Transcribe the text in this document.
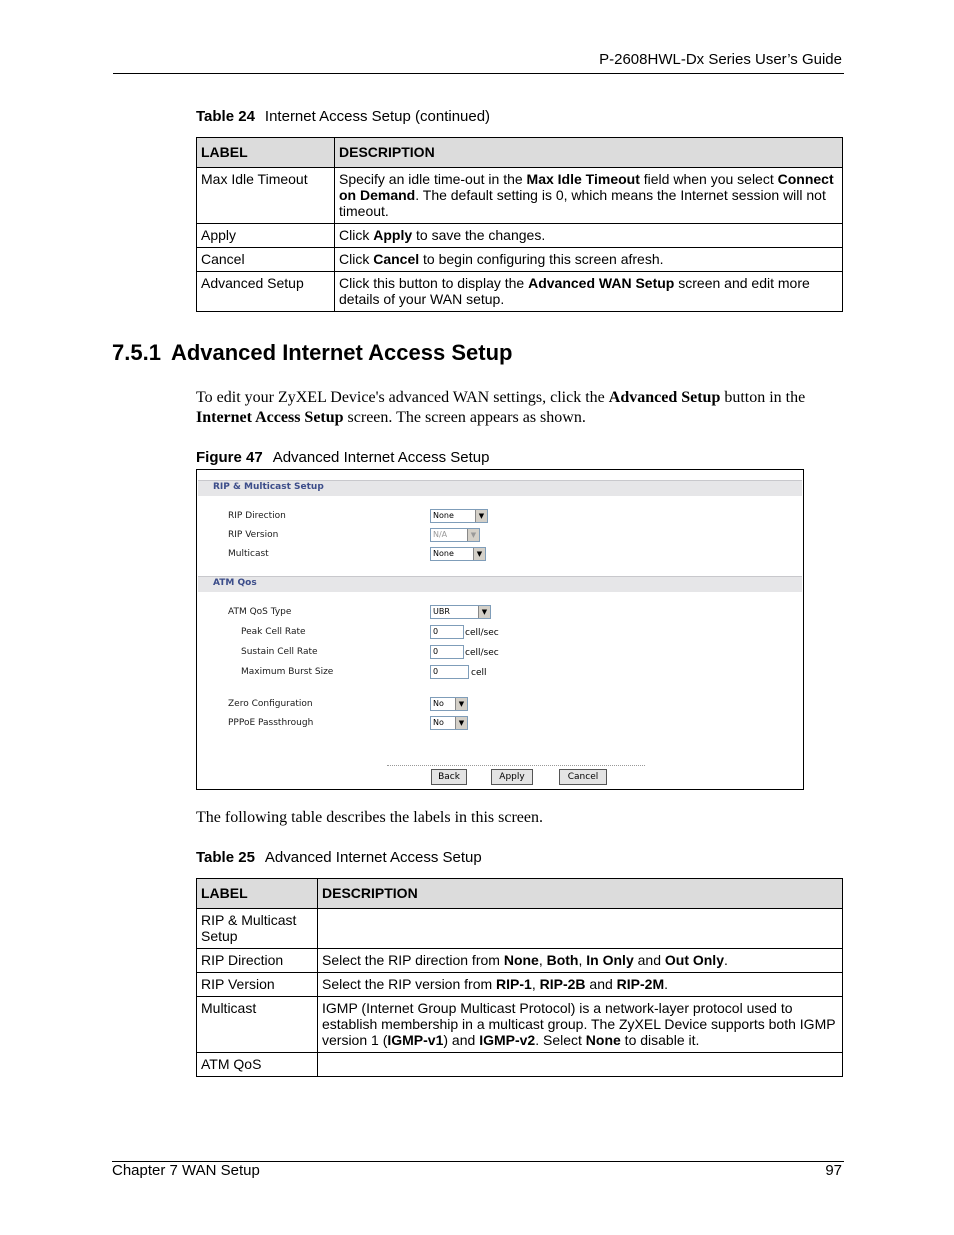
P-2608HWL-Dx Series User’s Guide
Table 24 Internet Access Setup (continued)
LABEL	DESCRIPTION
Max Idle Timeout	Specify an idle time-out in the Max Idle Timeout field when you select Connect on Demand. The default setting is 0, which means the Internet session will not timeout.
Apply	Click Apply to save the changes.
Cancel	Click Cancel to begin configuring this screen afresh.
Advanced Setup	Click this button to display the Advanced WAN Setup screen and edit more details of your WAN setup.
7.5.1 Advanced Internet Access Setup
To edit your ZyXEL Device's advanced WAN settings, click the Advanced Setup button in the Internet Access Setup screen. The screen appears as shown.
Figure 47 Advanced Internet Access Setup
RIP & Multicast Setup
RIP Direction	None	▼
RIP Version	N/A	▼
Multicast	None	▼
ATM Qos
ATM QoS Type	UBR	▼
Peak Cell Rate	0	cell/sec
Sustain Cell Rate	0	cell/sec
Maximum Burst Size	0	cell
Zero Configuration	No	▼
PPPoE Passthrough	No	▼
Back	Apply	Cancel
The following table describes the labels in this screen.
Table 25 Advanced Internet Access Setup
LABEL	DESCRIPTION
RIP & Multicast Setup	
RIP Direction	Select the RIP direction from None, Both, In Only and Out Only.
RIP Version	Select the RIP version from RIP-1, RIP-2B and RIP-2M.
Multicast	IGMP (Internet Group Multicast Protocol) is a network-layer protocol used to establish membership in a multicast group. The ZyXEL Device supports both IGMP version 1 (IGMP-v1) and IGMP-v2. Select None to disable it.
ATM QoS	
Chapter 7 WAN Setup	97
